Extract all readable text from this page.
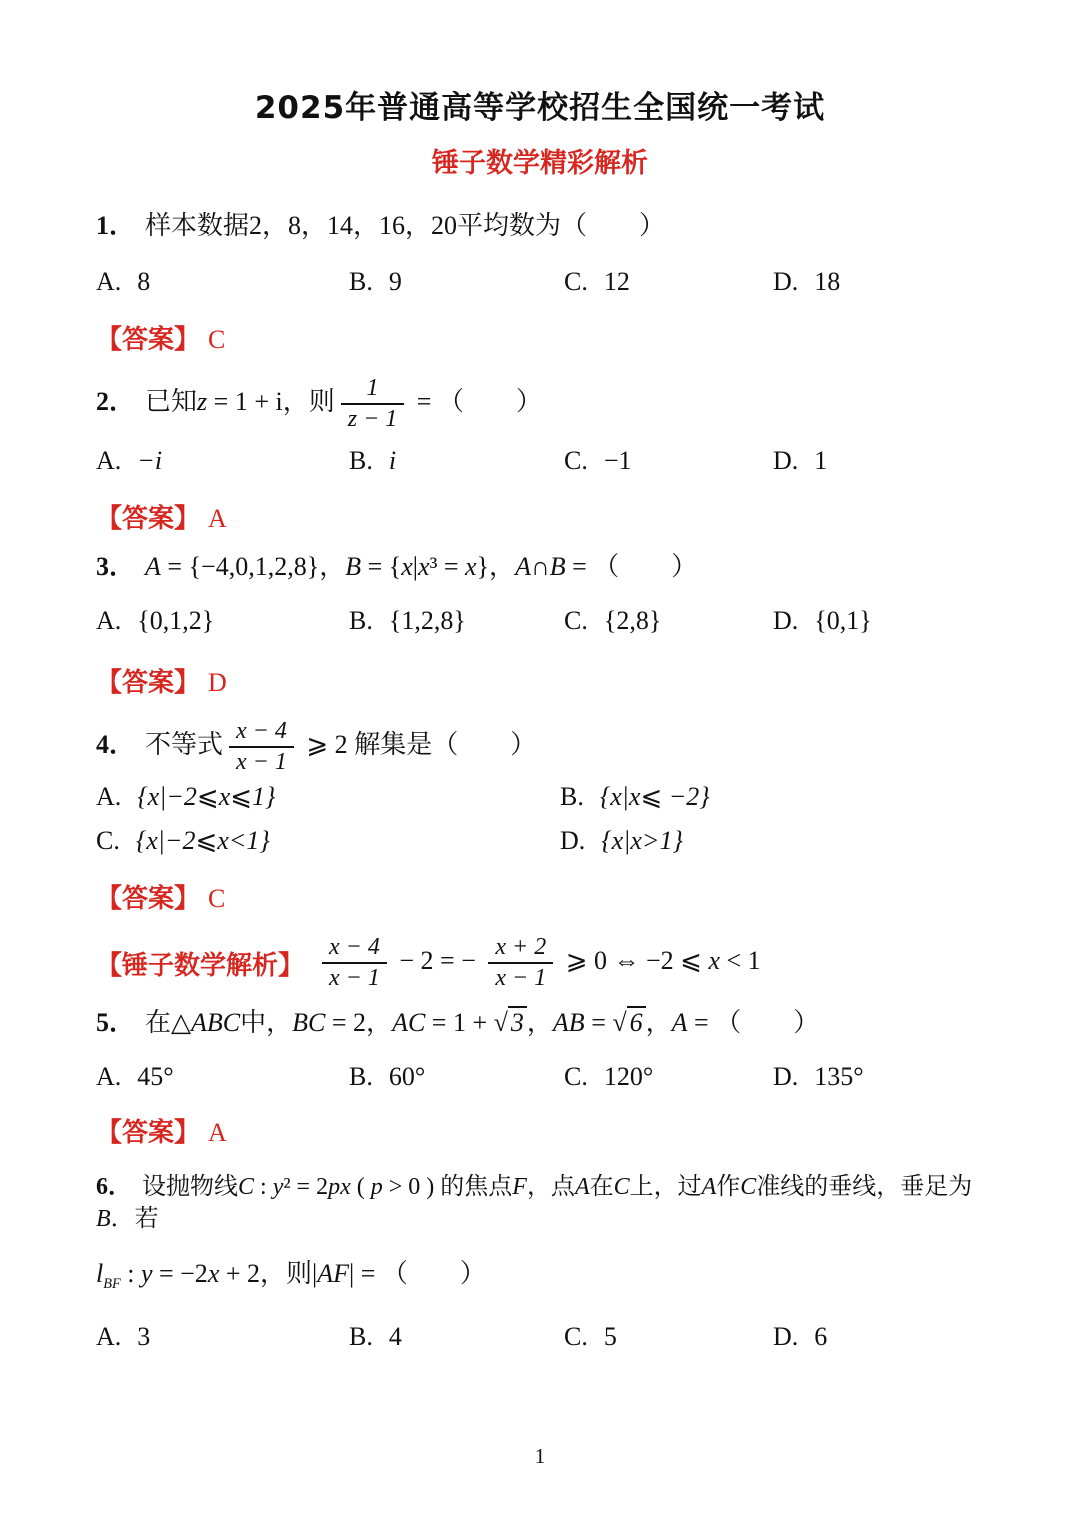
2025年普通高等学校招生全国统一考试
锤子数学精彩解析
1． 样本数据2，8，14，16，20平均数为（　　）
A. 8	B. 9	C. 12	D. 18
【答案】 C
2． 已知z = 1 + i，则 $\frac{1}{z - 1}$ = （　　）
A. −i	B. i	C. −1	D. 1
【答案】 A
3． A = {−4,0,1,2,8}，B = {x|x³ = x}，A∩B = （　　）
A. {0,1,2}	B. {1,2,8}	C. {2,8}	D. {0,1}
【答案】 D
4． 不等式 $\frac{x - 4}{x - 1}$ ⩾ 2 解集是（　　）
A. {x|−2⩽x⩽1}	B. {x|x⩽ −2}
C. {x|−2⩽x<1}	D. {x|x>1}
【答案】 C
【锤子数学解析】 $\frac{x - 4}{x - 1} - 2$ = − $\frac{x + 2}{x - 1}$ ⩾ 0 ⇔ −2 ⩽ x < 1
5． 在△ABC中，BC = 2，AC = 1 + √ 3 ，AB = √ 6 ，A = （　　）
A. 45°	B. 60°	C. 120°	D. 135°
【答案】 A
6． 设抛物线C : y² = 2px ( p > 0 ) 的焦点F，点A在C上，过A作C准线的垂线，垂足为B．若
$l_{BF}$ : y = −2x + 2，则|AF| = （　　）
A. 3	B. 4	C. 5	D. 6
1
